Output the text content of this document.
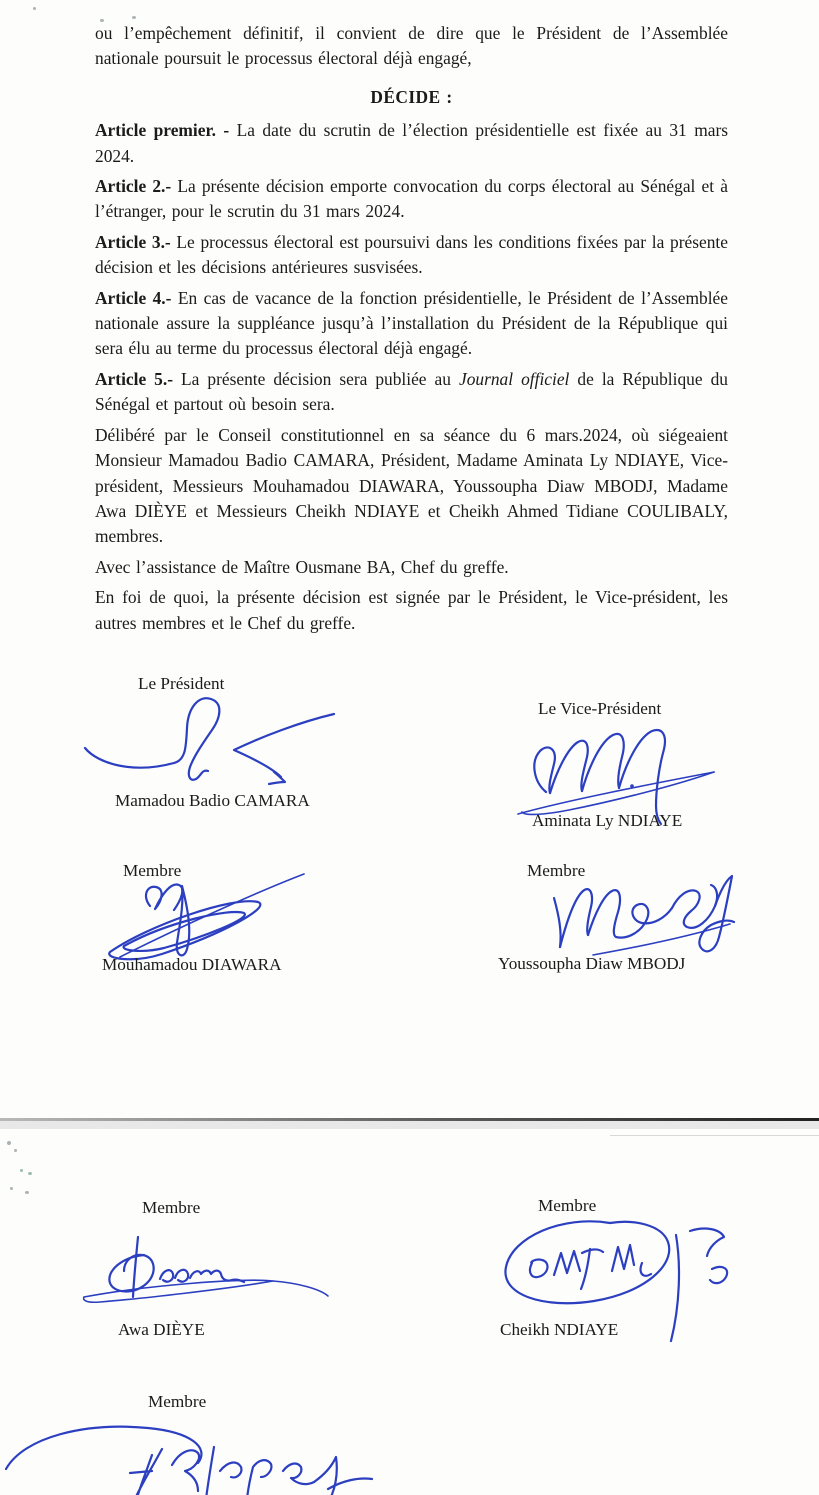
ou l’empêchement définitif, il convient de dire que le Président de l’Assemblée nationale poursuit le processus électoral déjà engagé,

DÉCIDE :

Article premier. - La date du scrutin de l’élection présidentielle est fixée au 31 mars 2024.

Article 2.- La présente décision emporte convocation du corps électoral au Sénégal et à l’étranger, pour le scrutin du 31 mars 2024.

Article 3.- Le processus électoral est poursuivi dans les conditions fixées par la présente décision et les décisions antérieures susvisées.

Article 4.- En cas de vacance de la fonction présidentielle, le Président de l’Assemblée nationale assure la suppléance jusqu’à l’installation du Président de la République qui sera élu au terme du processus électoral déjà engagé.

Article 5.- La présente décision sera publiée au Journal officiel de la République du Sénégal et partout où besoin sera.

Délibéré par le Conseil constitutionnel en sa séance du 6 mars.2024, où siégeaient Monsieur Mamadou Badio CAMARA, Président, Madame Aminata Ly NDIAYE, Vice-président, Messieurs Mouhamadou DIAWARA, Youssoupha Diaw MBODJ, Madame Awa DIÈYE et Messieurs Cheikh NDIAYE et Cheikh Ahmed Tidiane COULIBALY, membres.

Avec l’assistance de Maître Ousmane BA, Chef du greffe.

En foi de quoi, la présente décision est signée par le Président, le Vice-président, les autres membres et le Chef du greffe.

Le Président
Mamadou Badio CAMARA
Le Vice-Président
Aminata Ly NDIAYE
Membre
Mouhamadou DIAWARA
Membre
Youssoupha Diaw MBODJ
Membre
Awa DIÈYE
Membre
Cheikh NDIAYE
Membre
